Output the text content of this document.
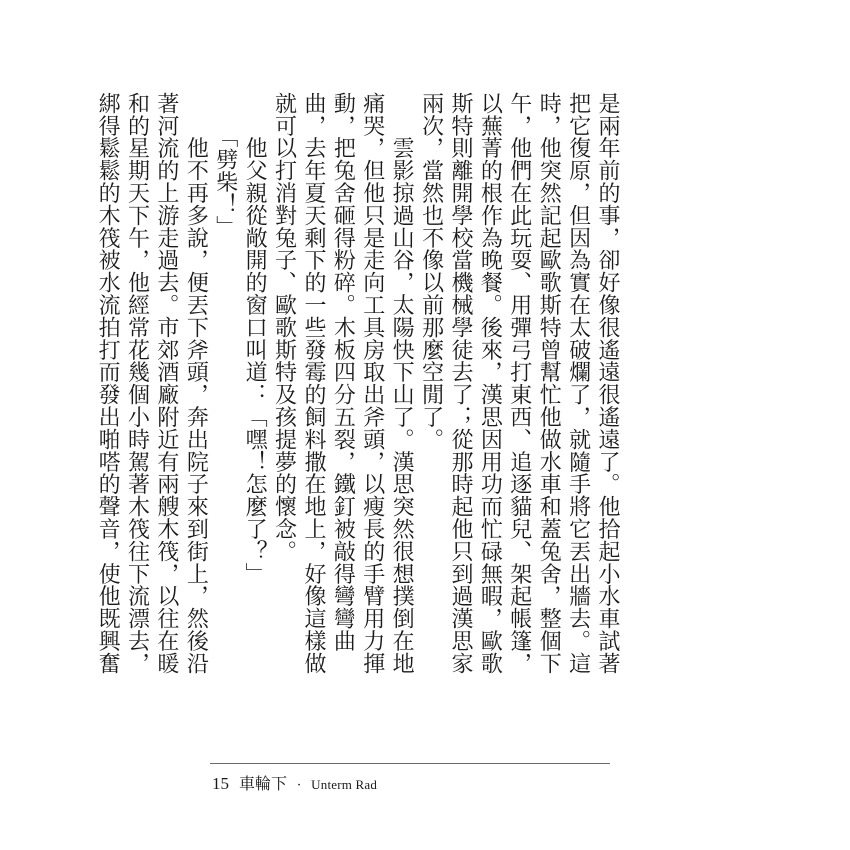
是兩年前的事，卻好像很遙遠很遙遠了。他拾起小水車試著把它復原，但因為實在太破爛了，就隨手將它丟出牆去。這時，他突然記起歐歌斯特曾幫忙他做水車和蓋兔舍，整個下午，他們在此玩耍、用彈弓打東西、追逐貓兒、架起帳篷，以蕪菁的根作為晚餐。後來，漢思因用功而忙碌無暇，歐歌斯特則離開學校當機械學徒去了；從那時起他只到過漢思家兩次，當然也不像以前那麼空閒了。

　　雲影掠過山谷，太陽快下山了。漢思突然很想撲倒在地痛哭，但他只是走向工具房取出斧頭，以瘦長的手臂用力揮動，把兔舍砸得粉碎。木板四分五裂，鐵釘被敲得彎彎曲曲，去年夏天剩下的一些發霉的飼料撒在地上，好像這樣做就可以打消對兔子、歐歌斯特及孩提夢的懷念。

　　他父親從敞開的窗口叫道：「嘿！怎麼了？」

　　「劈柴！」

　　他不再多說，便丟下斧頭，奔出院子來到街上，然後沿著河流的上游走過去。市郊酒廠附近有兩艘木筏，以往在暖和的星期天下午，他經常花幾個小時駕著木筏往下流漂去，綁得鬆鬆的木筏被水流拍打而發出啪嗒的聲音，使他既興奮

15 車輪下 · Unterm Rad
